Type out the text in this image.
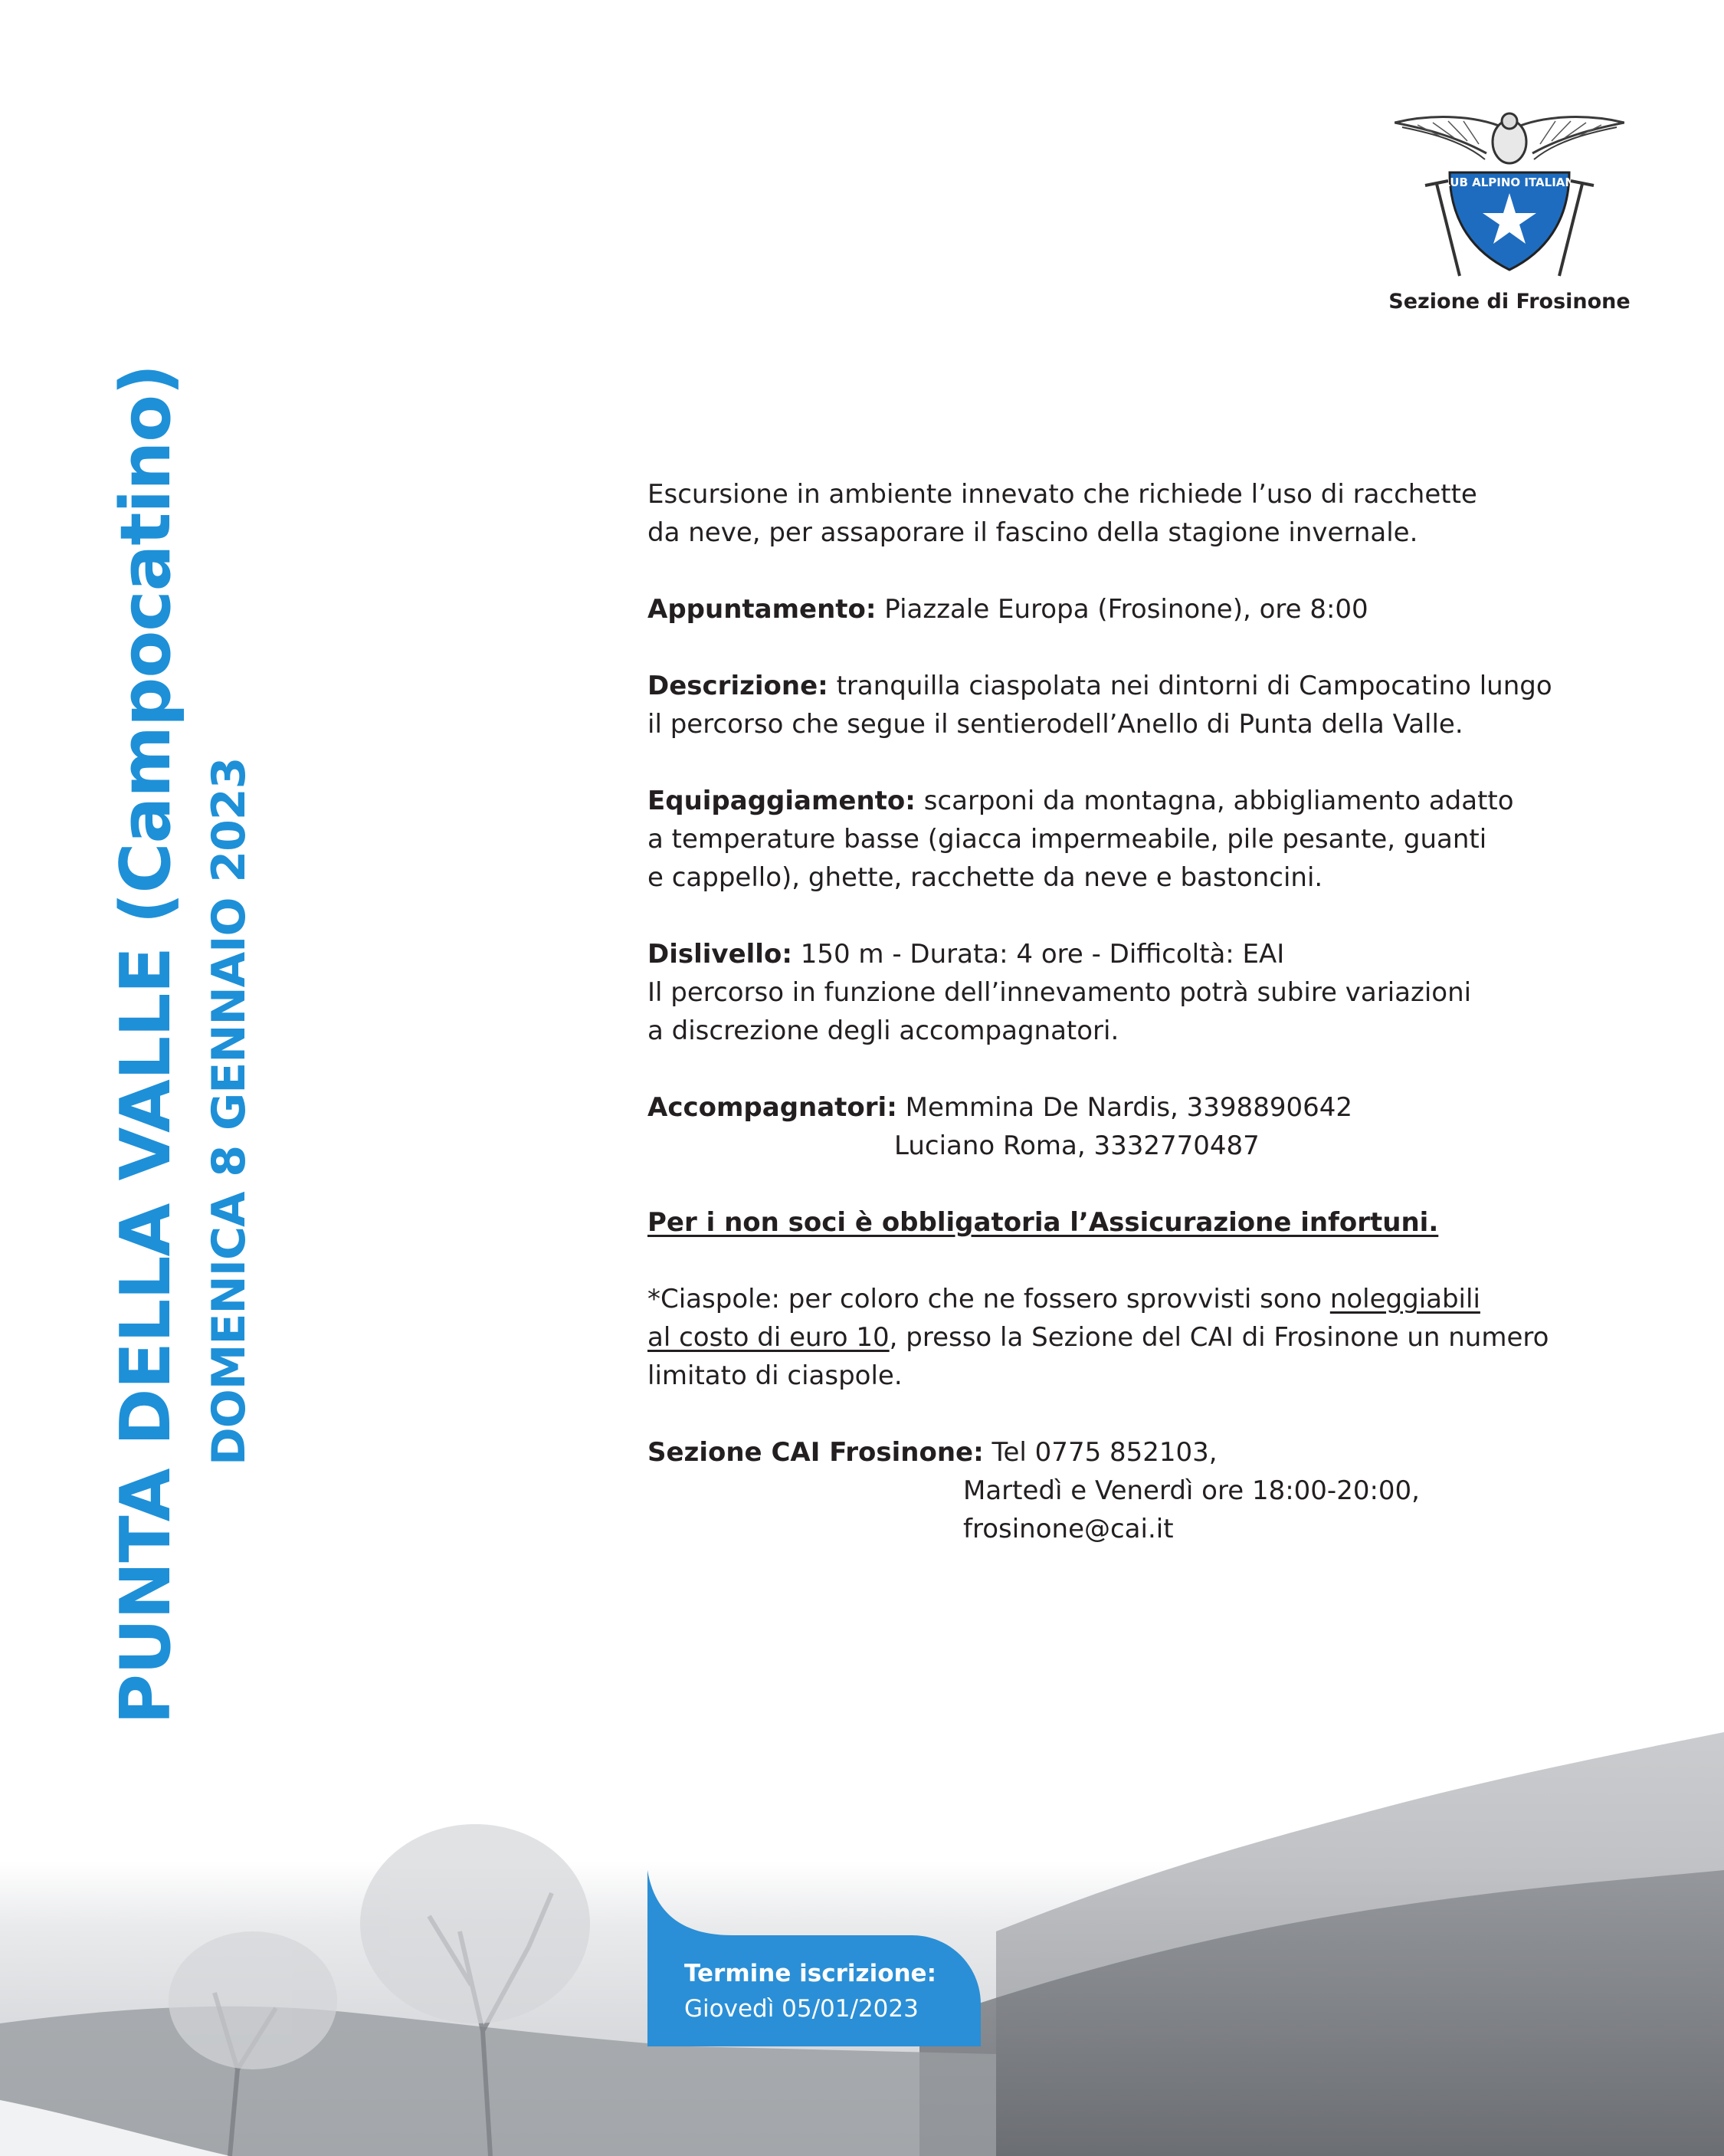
CLUB ALPINO ITALIANO
Sezione di Frosinone
PUNTA DELLA VALLE (Campocatino) DOMENICA 8 GENNAIO 2023

Escursione in ambiente innevato che richiede l’uso di racchette
da neve, per assaporare il fascino della stagione invernale.

Appuntamento: Piazzale Europa (Frosinone), ore 8:00

Descrizione: tranquilla ciaspolata nei dintorni di Campocatino lungo
il percorso che segue il sentierodell’Anello di Punta della Valle.

Equipaggiamento: scarponi da montagna, abbigliamento adatto
a temperature basse (giacca impermeabile, pile pesante, guanti
e cappello), ghette, racchette da neve e bastoncini.

Dislivello: 150 m - Durata: 4 ore - Difficoltà: EAI
Il percorso in funzione dell’innevamento potrà subire variazioni
a discrezione degli accompagnatori.

Accompagnatori: Memmina De Nardis, 3398890642
Luciano Roma, 3332770487

Per i non soci è obbligatoria l’Assicurazione infortuni.

*Ciaspole: per coloro che ne fossero sprovvisti sono noleggiabili
al costo di euro 10, presso la Sezione del CAI di Frosinone un numero
limitato di ciaspole.

Sezione CAI Frosinone: Tel 0775 852103,
Martedì e Venerdì ore 18:00-20:00,
frosinone@cai.it

Termine iscrizione:
Giovedì 05/01/2023
